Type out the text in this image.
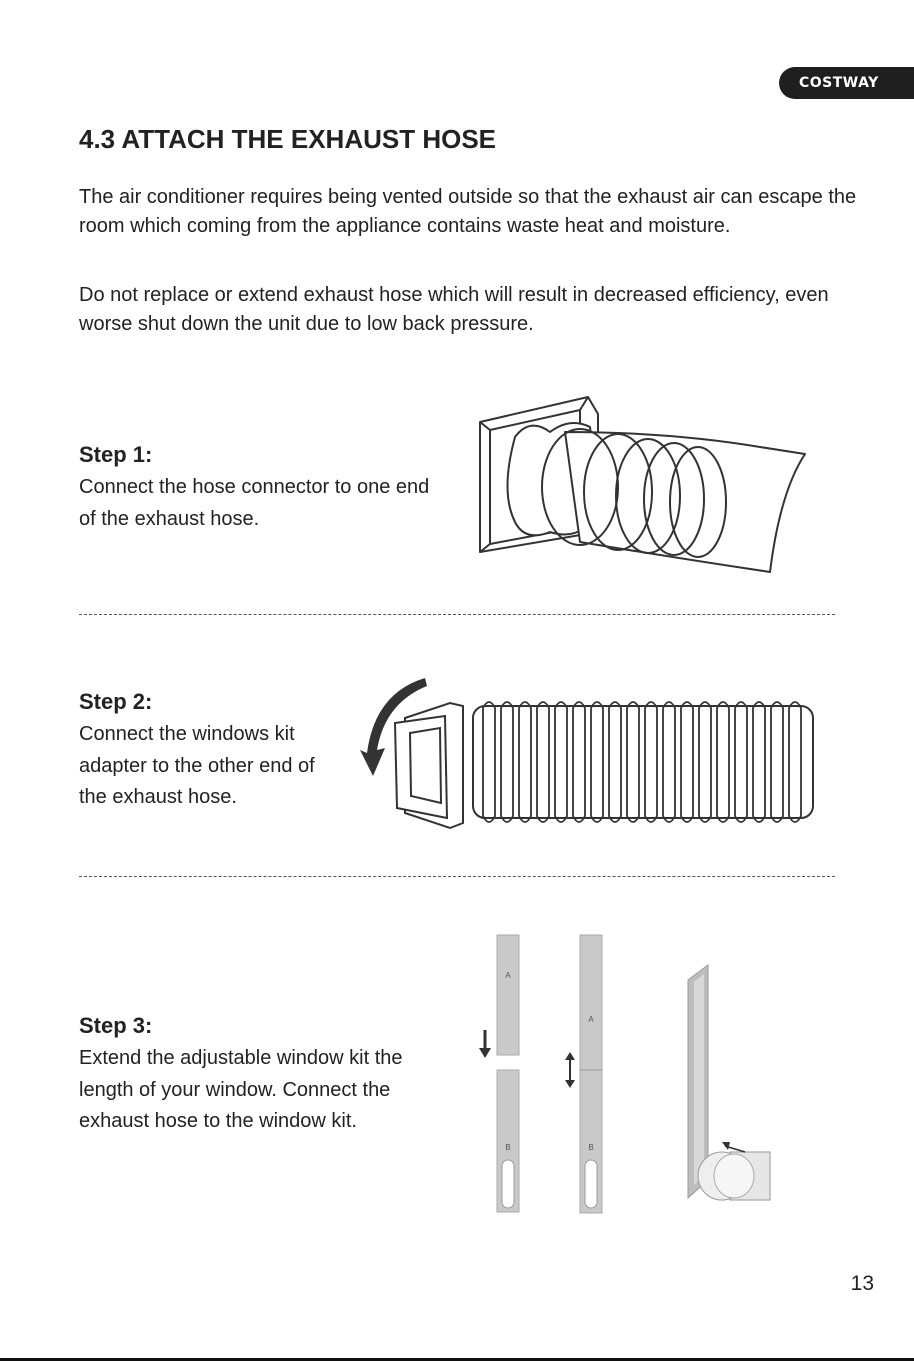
COSTWAY
4.3 ATTACH THE EXHAUST HOSE

The air conditioner requires being vented outside so that the exhaust air can escape the room which coming from the appliance contains waste heat and moisture.

Do not replace or extend exhaust hose which will result in decreased efficiency, even worse shut down the unit due to low back pressure.

Step 1:

Connect the hose connector to one end of the exhaust hose.

Step 2:

Connect the windows kit adapter to the other end of the exhaust hose.

Step 3:

Extend the adjustable window kit the length of your window. Connect the exhaust hose to the window kit.

A
B
A
B

13
